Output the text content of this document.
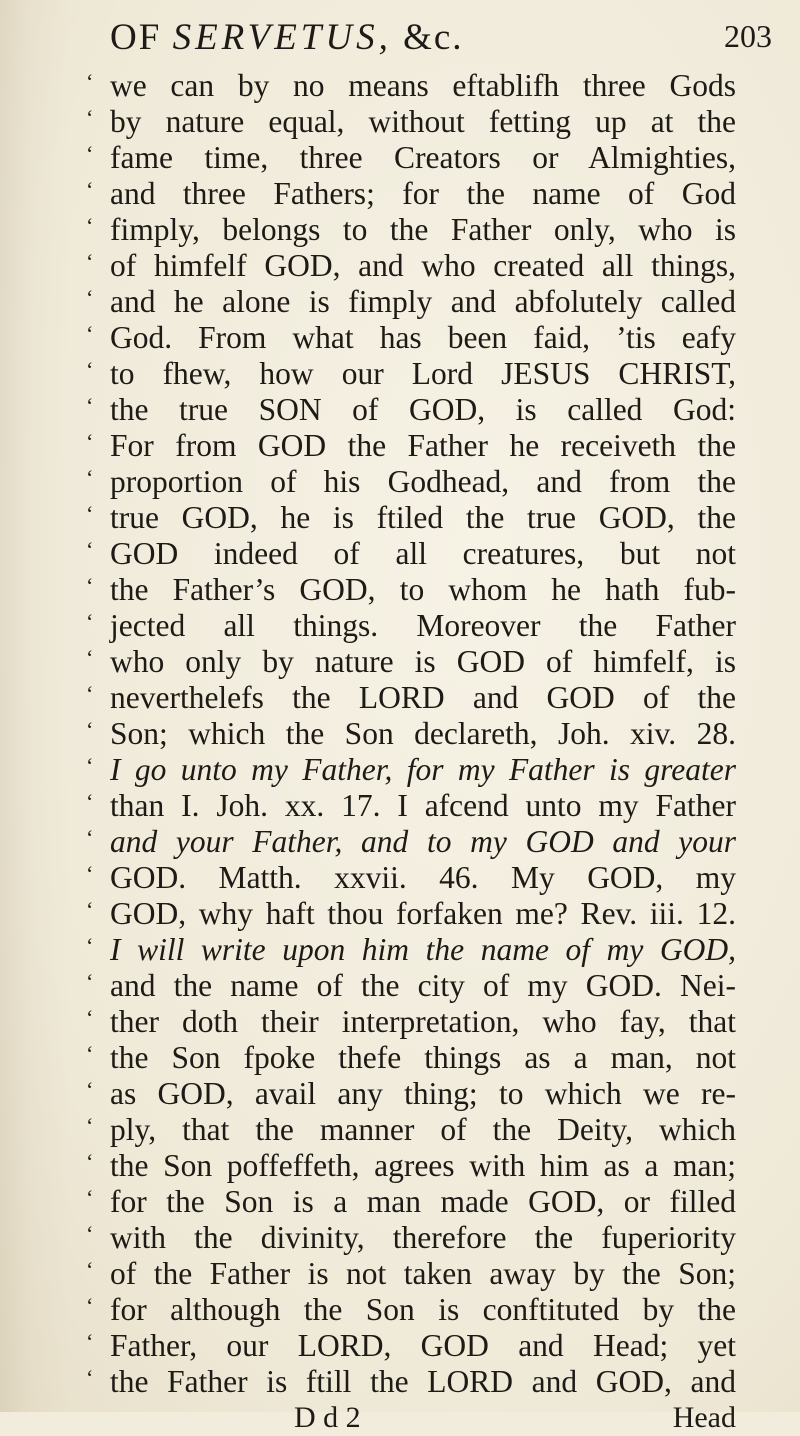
OF SERVETUS, &c.	203
‘ we can by no means eftablifh three Gods
‘ by nature equal, without fetting up at the
‘ fame time, three Creators or Almighties,
‘ and three Fathers; for the name of God
‘ fimply, belongs to the Father only, who is
‘ of himfelf GOD, and who created all things,
‘ and he alone is fimply and abfolutely called
‘ God. From what has been faid, ’tis eafy
‘ to fhew, how our Lord JESUS CHRIST,
‘ the true SON of GOD, is called God:
‘ For from GOD the Father he receiveth the
‘ proportion of his Godhead, and from the
‘ true GOD, he is ftiled the true GOD, the
‘ GOD indeed of all creatures, but not
‘ the Father’s GOD, to whom he hath fub-
‘ jected all things. Moreover the Father
‘ who only by nature is GOD of himfelf, is
‘ neverthelefs the LORD and GOD of the
‘ Son; which the Son declareth, Joh. xiv. 28.
‘ I go unto my Father, for my Father is greater
‘ than I. Joh. xx. 17. I afcend unto my Father
‘ and your Father, and to my GOD and your
‘ GOD. Matth. xxvii. 46. My GOD, my
‘ GOD, why haft thou forfaken me? Rev. iii. 12.
‘ I will write upon him the name of my GOD,
‘ and the name of the city of my GOD. Nei-
‘ ther doth their interpretation, who fay, that
‘ the Son fpoke thefe things as a man, not
‘ as GOD, avail any thing; to which we re-
‘ ply, that the manner of the Deity, which
‘ the Son poffeffeth, agrees with him as a man;
‘ for the Son is a man made GOD, or filled
‘ with the divinity, therefore the fuperiority
‘ of the Father is not taken away by the Son;
‘ for although the Son is conftituted by the
‘ Father, our LORD, GOD and Head; yet
‘ the Father is ftill the LORD and GOD, and
D d 2	Head
